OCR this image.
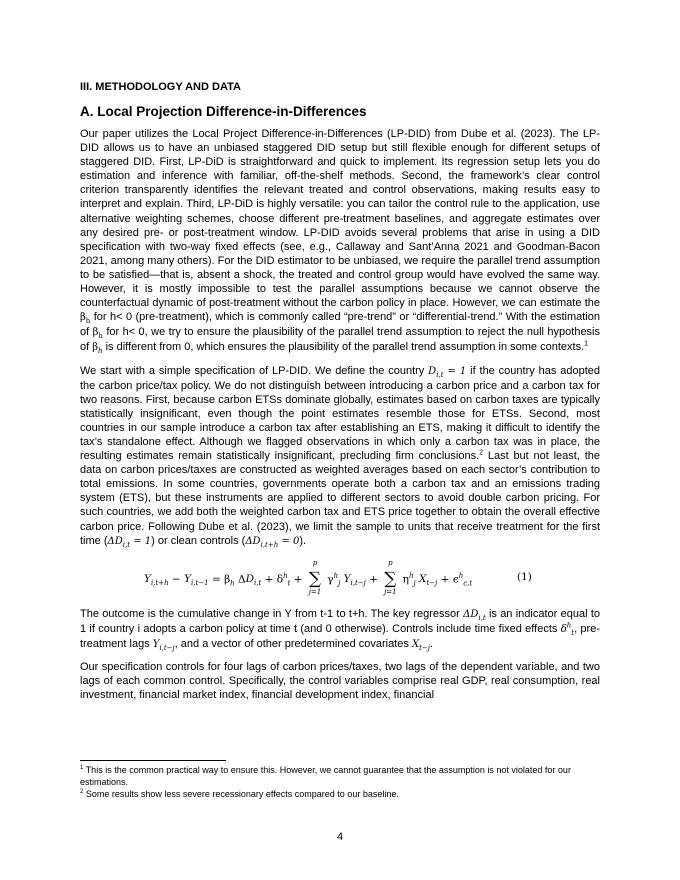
III. METHODOLOGY AND DATA
A. Local Projection Difference-in-Differences

Our paper utilizes the Local Project Difference-in-Differences (LP-DID) from Dube et al. (2023). The LP-DID allows us to have an unbiased staggered DID setup but still flexible enough for different setups of staggered DID. First, LP-DiD is straightforward and quick to implement. Its regression setup lets you do estimation and inference with familiar, off-the-shelf methods. Second, the framework’s clear control criterion transparently identifies the relevant treated and control observations, making results easy to interpret and explain. Third, LP-DiD is highly versatile: you can tailor the control rule to the application, use alternative weighting schemes, choose different pre-treatment baselines, and aggregate estimates over any desired pre- or post-treatment window. LP-DID avoids several problems that arise in using a DID specification with two-way fixed effects (see, e.g., Callaway and Sant’Anna 2021 and Goodman-Bacon 2021, among many others). For the DID estimator to be unbiased, we require the parallel trend assumption to be satisfied—that is, absent a shock, the treated and control group would have evolved the same way. However, it is mostly impossible to test the parallel assumptions because we cannot observe the counterfactual dynamic of post-treatment without the carbon policy in place. However, we can estimate the $\beta_h$ for h< 0 (pre-treatment), which is commonly called “pre-trend” or “differential-trend.” With the estimation of $\beta_h$ for h< 0, we try to ensure the plausibility of the parallel trend assumption to reject the null hypothesis of $\beta_h$ is different from 0, which ensures the plausibility of the parallel trend assumption in some contexts.$^1$

We start with a simple specification of LP-DID. We define the country $D_{i,t} = 1$ if the country has adopted the carbon price/tax policy. We do not distinguish between introducing a carbon price and a carbon tax for two reasons. First, because carbon ETSs dominate globally, estimates based on carbon taxes are typically statistically insignificant, even though the point estimates resemble those for ETSs. Second, most countries in our sample introduce a carbon tax after establishing an ETS, making it difficult to identify the tax’s standalone effect. Although we flagged observations in which only a carbon tax was in place, the resulting estimates remain statistically insignificant, precluding firm conclusions.$^2$ Last but not least, the data on carbon prices/taxes are constructed as weighted averages based on each sector’s contribution to total emissions. In some countries, governments operate both a carbon tax and an emissions trading system (ETS), but these instruments are applied to different sectors to avoid double carbon pricing. For such countries, we add both the weighted carbon tax and ETS price together to obtain the overall effective carbon price. Following Dube et al. (2023), we limit the sample to units that receive treatment for the first time $(\Delta D_{i,t} = 1)$ or clean controls $(\Delta D_{i,t+h} = 0)$.

$Y_{i,t+h} - Y_{i,t-1} = \beta_h$ $\Delta D_{i,t} + \delta^h_t$ +
p
∑
j=1
$\gamma^h_j$ $Y_{i,t-j}$ +
p
∑
j=1
$\eta^h_j$ $X_{t-j} + \epsilon^h_{c,t}$
(1)

The outcome is the cumulative change in Y from t-1 to t+h. The key regressor $\Delta D_{i,t}$ is an indicator equal to 1 if country i adopts a carbon policy at time t (and 0 otherwise). Controls include time fixed effects $\delta^h_t$, pre-treatment lags $Y_{i,t-j}$, and a vector of other predetermined covariates $X_{t-j}$.

Our specification controls for four lags of carbon prices/taxes, two lags of the dependent variable, and two lags of each common control. Specifically, the control variables comprise real GDP, real consumption, real investment, financial market index, financial development index, financial

$^1$ This is the common practical way to ensure this. However, we cannot guarantee that the assumption is not violated for our estimations.
$^2$ Some results show less severe recessionary effects compared to our baseline.
4
